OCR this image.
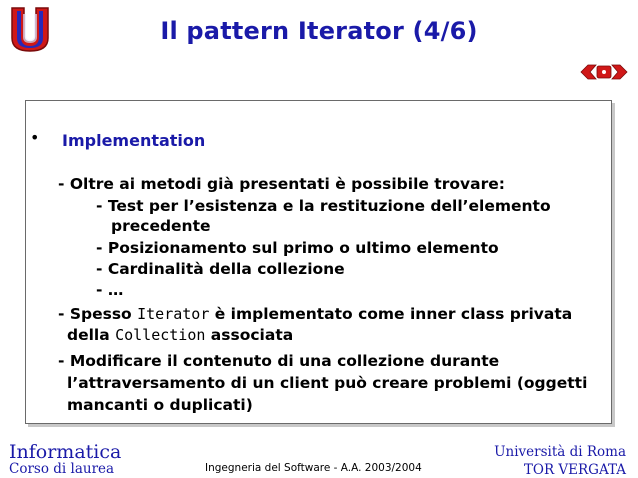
Il pattern Iterator (4/6)
• Implementation
- Oltre ai metodi già presentati è possibile trovare:
- Test per l’esistenza e la restituzione dell’elemento
precedente
- Posizionamento sul primo o ultimo elemento
- Cardinalità della collezione
- …
- Spesso Iterator è implementato come inner class privata
della Collection associata
- Modificare il contenuto di una collezione durante
l’attraversamento di un client può creare problemi (oggetti
mancanti o duplicati)
Informatica
Corso di laurea	Ingegneria del Software - A.A. 2003/2004
Università di Roma
TOR VERGATA
